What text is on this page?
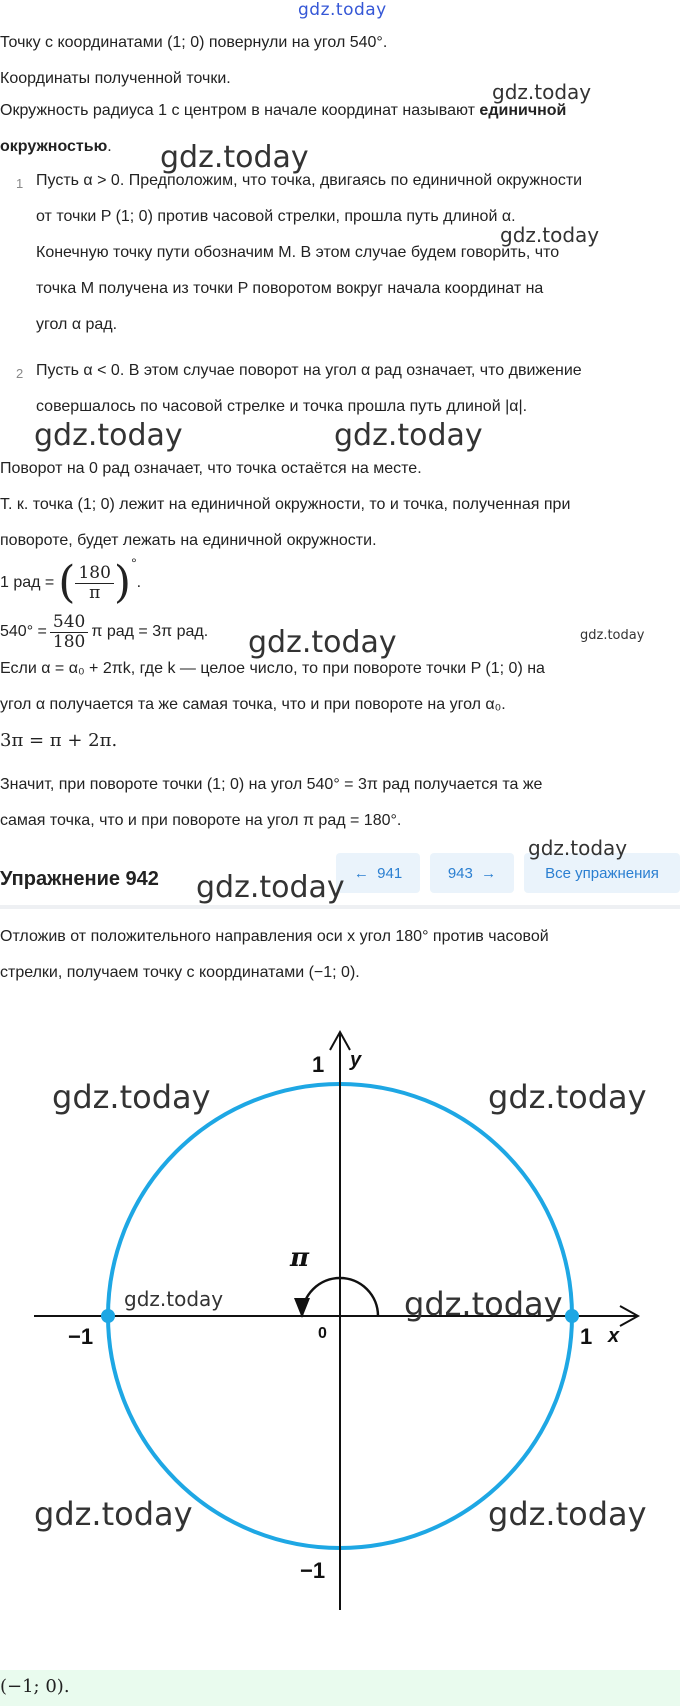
gdz.today
gdz.today
gdz.today
gdz.today
gdz.today	gdz.today
gdz.today	gdz.today
gdz.today
gdz.today
gdz.today	gdz.today
gdz.today	gdz.today
gdz.today	gdz.today
Точку с координатами (1; 0) повернули на угол 540°.
Координаты полученной точки.
Окружность радиуса 1 с центром в начале координат называют единичной
окружностью.
1 Пусть α > 0. Предположим, что точка, двигаясь по единичной окружности
от точки P (1; 0) против часовой стрелки, прошла путь длиной α.
Конечную точку пути обозначим M. В этом случае будем говорить, что
точка M получена из точки P поворотом вокруг начала координат на
угол α рад.
2 Пусть α < 0. В этом случае поворот на угол α рад означает, что движение
совершалось по часовой стрелке и точка прошла путь длиной |α|.
Поворот на 0 рад означает, что точка остаётся на месте.
Т. к. точка (1; 0) лежит на единичной окружности, то и точка, полученная при
повороте, будет лежать на единичной окружности.
1 рад = ( $\frac{180}{\pi}$ ) °
.
$540^\circ = \frac{540}{180}$ π рад = 3π рад.
Если α = α₀ + 2πk, где k — целое число, то при повороте точки P (1; 0) на
угол α получается та же самая точка, что и при повороте на угол α₀.
3π = π + 2π.
Значит, при повороте точки (1; 0) на угол 540° = 3π рад получается та же
самая точка, что и при повороте на угол π рад = 180°.
Упражнение 942	← 941	943 →	Все упражнения
Отложив от положительного направления оси x угол 180° против часовой
стрелки, получаем точку с координатами (−1; 0).
y
1
−1
−1	1 x
0
π
(−1; 0).
